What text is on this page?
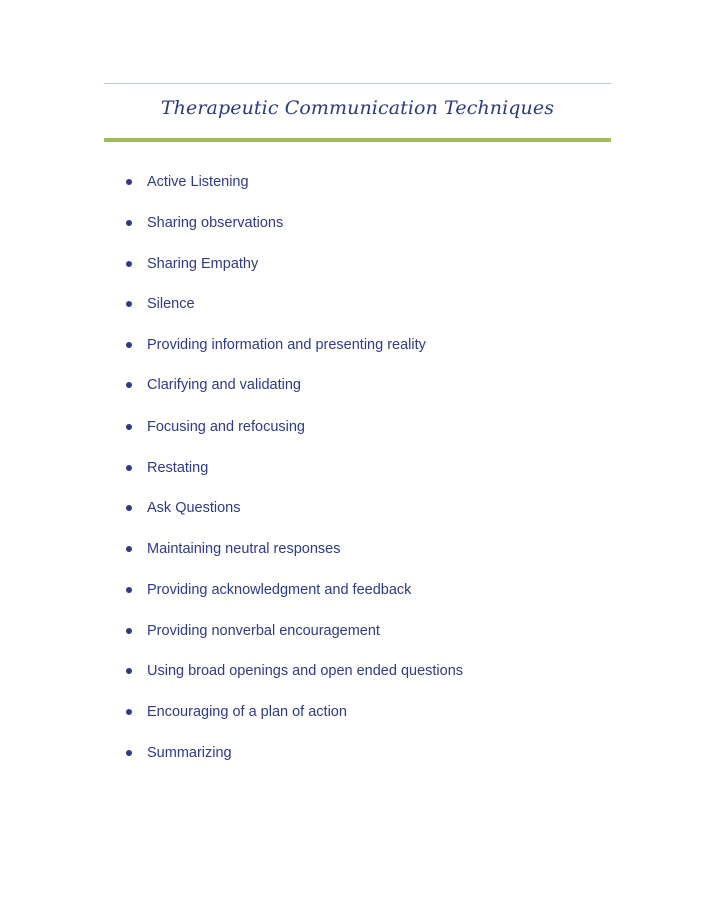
Therapeutic Communication Techniques
Active Listening
Sharing observations
Sharing Empathy
Silence
Providing information and presenting reality
Clarifying and validating
Focusing and refocusing
Restating
Ask Questions
Maintaining neutral responses
Providing acknowledgment and feedback
Providing nonverbal encouragement
Using broad openings and open ended questions
Encouraging of a plan of action
Summarizing
